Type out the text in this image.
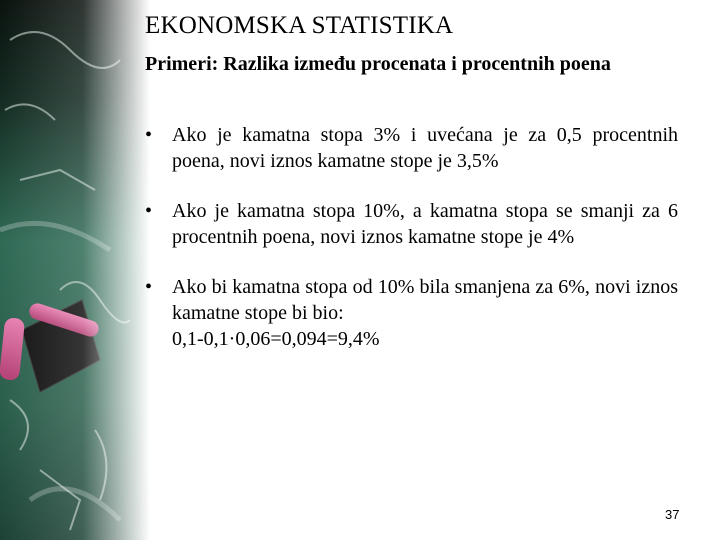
EKONOMSKA STATISTIKA
Primeri: Razlika između procenata i procentnih poena
• Ako je kamatna stopa 3% i uvećana je za 0,5 procentnih poena, novi iznos kamatne stope je 3,5%
• Ako je kamatna stopa 10%, a kamatna stopa se smanji za 6 procentnih poena, novi iznos kamatne stope je 4%
• Ako bi kamatna stopa od 10% bila smanjena za 6%, novi iznos kamatne stope bi bio:
0,1-0,1·0,06=0,094=9,4%
37
